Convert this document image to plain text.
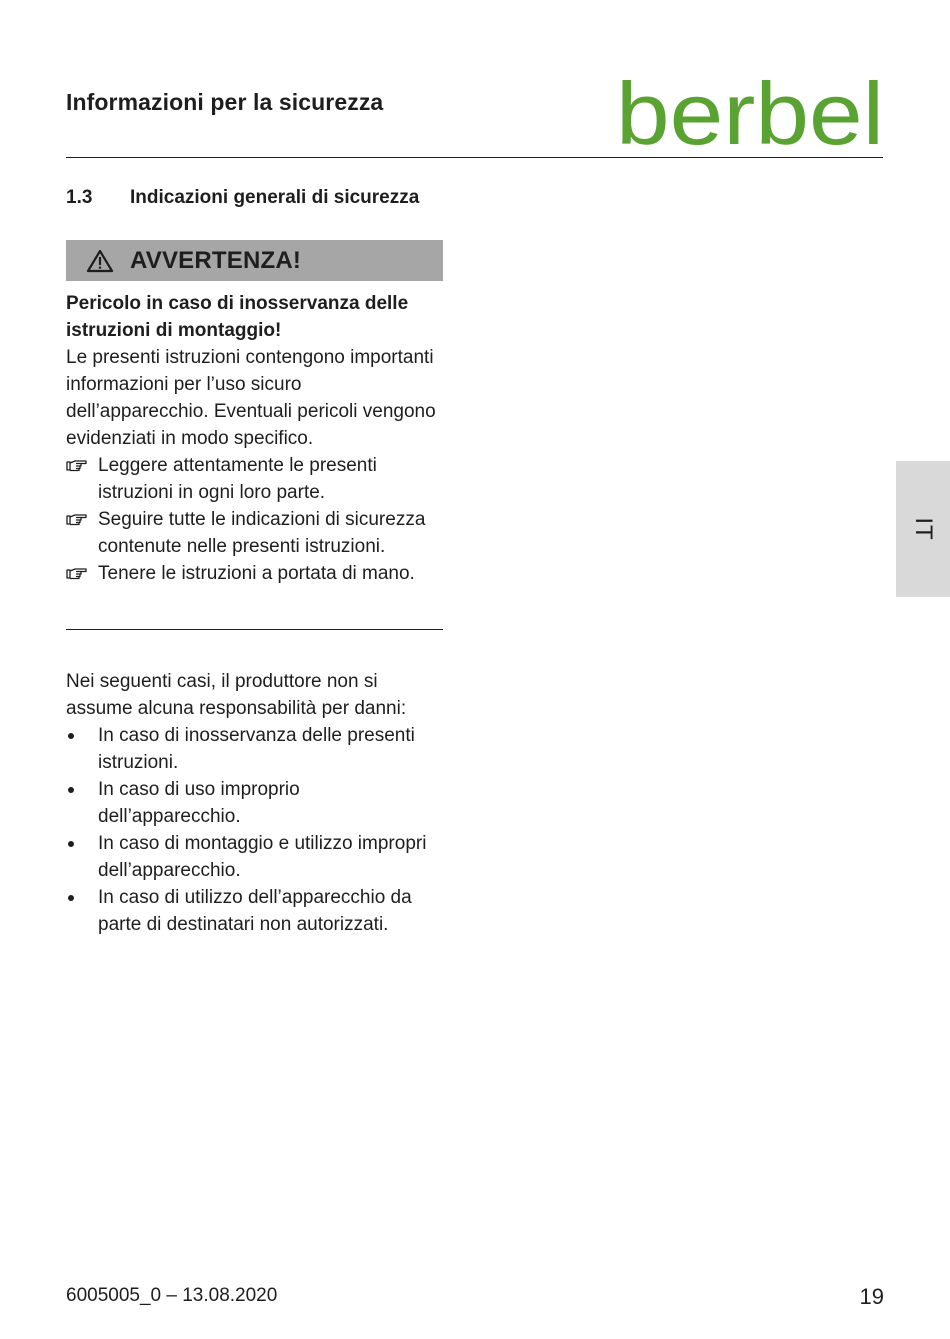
Informazioni per la sicurezza	berbel
1.3 Indicazioni generali di sicurezza
AVVERTENZA!
Pericolo in caso di inosservanza delle istruzioni di montaggio!
Le presenti istruzioni contengono importanti informazioni per l’uso sicuro dell’apparecchio. Eventuali pericoli vengono evidenziati in modo specifico.
Leggere attentamente le presenti istruzioni in ogni loro parte.
Seguire tutte le indicazioni di sicurezza contenute nelle presenti istruzioni.
Tenere le istruzioni a portata di mano.
Nei seguenti casi, il produttore non si assume alcuna responsabilità per danni:
In caso di inosservanza delle presenti istruzioni.
In caso di uso improprio dell’apparecchio.
In caso di montaggio e utilizzo impropri dell’apparecchio.
In caso di utilizzo dell’apparecchio da parte di destinatari non autorizzati.
IT
6005005_0 – 13.08.2020	19
